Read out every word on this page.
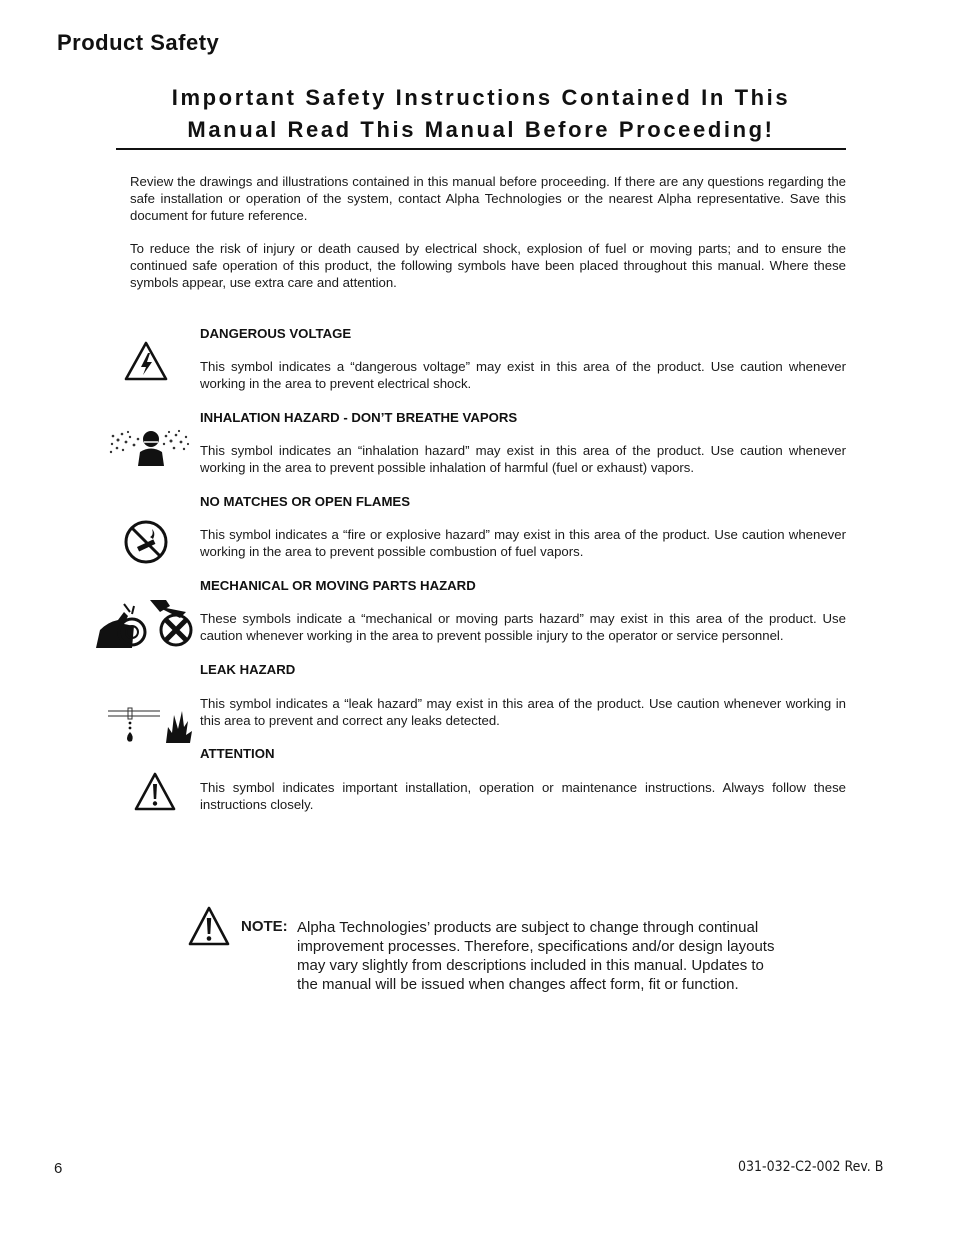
Product Safety
Important Safety Instructions Contained In This
Manual Read This Manual Before Proceeding!
Review the drawings and illustrations contained in this manual before proceeding. If there are any questions regarding the safe installation or operation of the system, contact Alpha Technologies or the nearest Alpha representative. Save this document for future reference.
To reduce the risk of injury or death caused by electrical shock, explosion of fuel or moving parts; and to ensure the continued safe operation of this product, the following symbols have been placed throughout this manual. Where these symbols appear, use extra care and attention.
DANGEROUS VOLTAGE
This symbol indicates a “dangerous voltage” may exist in this area of the product. Use caution whenever working in the area to prevent electrical shock.
INHALATION HAZARD - DON’T BREATHE VAPORS
This symbol indicates an “inhalation hazard” may exist in this area of the product. Use caution whenever working in the area to prevent possible inhalation of harmful (fuel or exhaust) vapors.
NO MATCHES OR OPEN FLAMES
This symbol indicates a “fire or explosive hazard” may exist in this area of the product. Use caution whenever working in the area to prevent possible combustion of fuel vapors.
MECHANICAL OR MOVING PARTS HAZARD
These symbols indicate a “mechanical or moving parts hazard” may exist in this area of the product. Use caution whenever working in the area to prevent possible injury to the operator or service personnel.
LEAK HAZARD
This symbol indicates a “leak hazard” may exist in this area of the product. Use caution whenever working in this area to prevent and correct any leaks detected.
ATTENTION
This symbol indicates important installation, operation or maintenance instructions. Always follow these instructions closely.
NOTE: Alpha Technologies’ products are subject to change through continual improvement processes. Therefore, specifications and/or design layouts may vary slightly from descriptions included in this manual. Updates to the manual will be issued when changes affect form, fit or function.
6	031-032-C2-002 Rev. B
